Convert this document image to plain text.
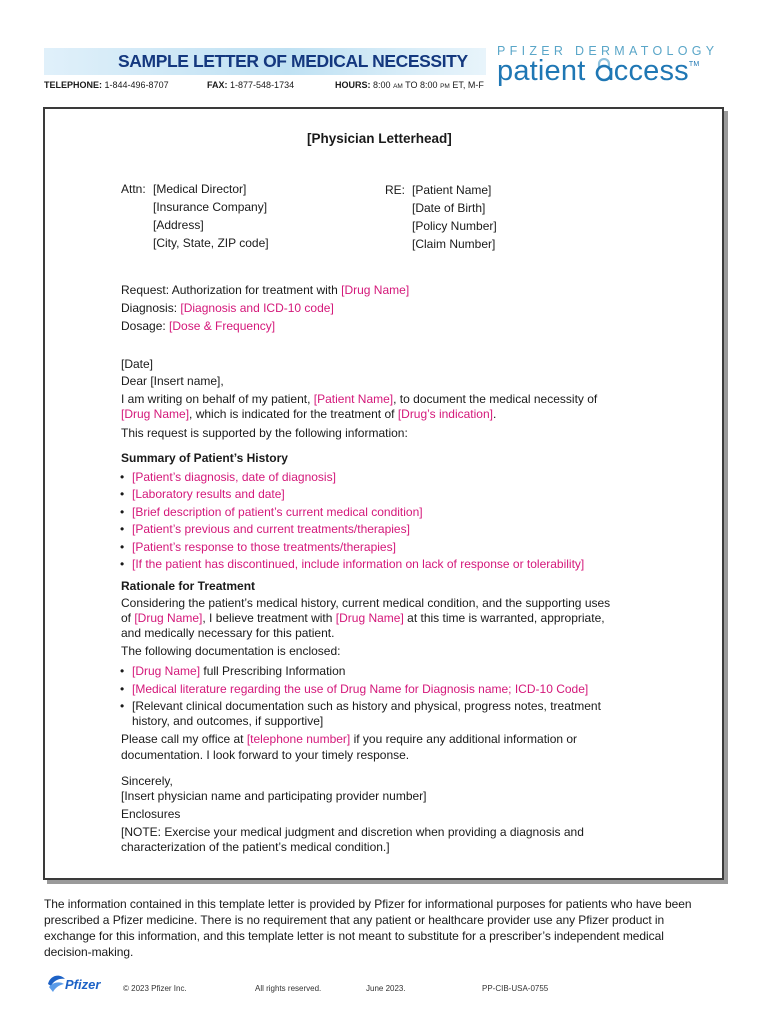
SAMPLE LETTER OF MEDICAL NECESSITY
TELEPHONE: 1-844-496-8707	FAX: 1-877-548-1734	HOURS: 8:00 AM TO 8:00 PM ET, M-F
PFIZER DERMATOLOGY
patient ccess™
[Physician Letterhead]
Attn: [Medical Director]
[Insurance Company]
[Address]
[City, State, ZIP code]
RE: [Patient Name]
[Date of Birth]
[Policy Number]
[Claim Number]
Request: Authorization for treatment with [Drug Name]
Diagnosis: [Diagnosis and ICD-10 code]
Dosage: [Dose & Frequency]
[Date]
Dear [Insert name],
I am writing on behalf of my patient, [Patient Name], to document the medical necessity of
[Drug Name], which is indicated for the treatment of [Drug’s indication].
This request is supported by the following information:
Summary of Patient’s History
• [Patient’s diagnosis, date of diagnosis]
• [Laboratory results and date]
• [Brief description of patient’s current medical condition]
• [Patient’s previous and current treatments/therapies]
• [Patient’s response to those treatments/therapies]
• [If the patient has discontinued, include information on lack of response or tolerability]
Rationale for Treatment
Considering the patient’s medical history, current medical condition, and the supporting uses
of [Drug Name], I believe treatment with [Drug Name] at this time is warranted, appropriate,
and medically necessary for this patient.
The following documentation is enclosed:
• [Drug Name] full Prescribing Information
• [Medical literature regarding the use of Drug Name for Diagnosis name; ICD-10 Code]
• [Relevant clinical documentation such as history and physical, progress notes, treatment
history, and outcomes, if supportive]
Please call my office at [telephone number] if you require any additional information or
documentation. I look forward to your timely response.
Sincerely,
[Insert physician name and participating provider number]
Enclosures
[NOTE: Exercise your medical judgment and discretion when providing a diagnosis and
characterization of the patient’s medical condition.]
The information contained in this template letter is provided by Pfizer for informational purposes for patients who have been prescribed a Pfizer medicine. There is no requirement that any patient or healthcare provider use any Pfizer product in exchange for this information, and this template letter is not meant to substitute for a prescriber’s independent medical decision-making.
Pfizer	© 2023 Pfizer Inc.	All rights reserved.	June 2023.	PP-CIB-USA-0755
